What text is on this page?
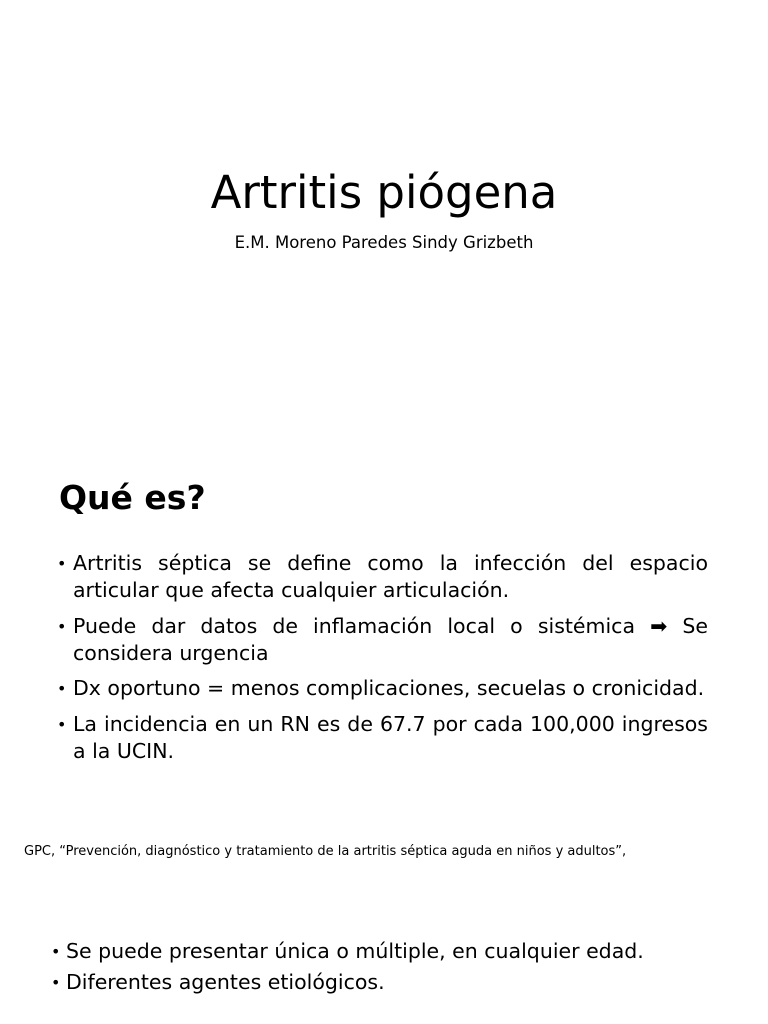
Artritis piógena
E.M. Moreno Paredes Sindy Grizbeth
Qué es?
• Artritis séptica se define como la infección del espacio articular que afecta cualquier articulación.
• Puede dar datos de inflamación local o sistémica ➡ Se considera urgencia
• Dx oportuno = menos complicaciones, secuelas o cronicidad.
• La incidencia en un RN es de 67.7 por cada 100,000 ingresos a la UCIN.
GPC, “Prevención, diagnóstico y tratamiento de la artritis séptica aguda en niños y adultos”,
• Se puede presentar única o múltiple, en cualquier edad.
• Diferentes agentes etiológicos.
